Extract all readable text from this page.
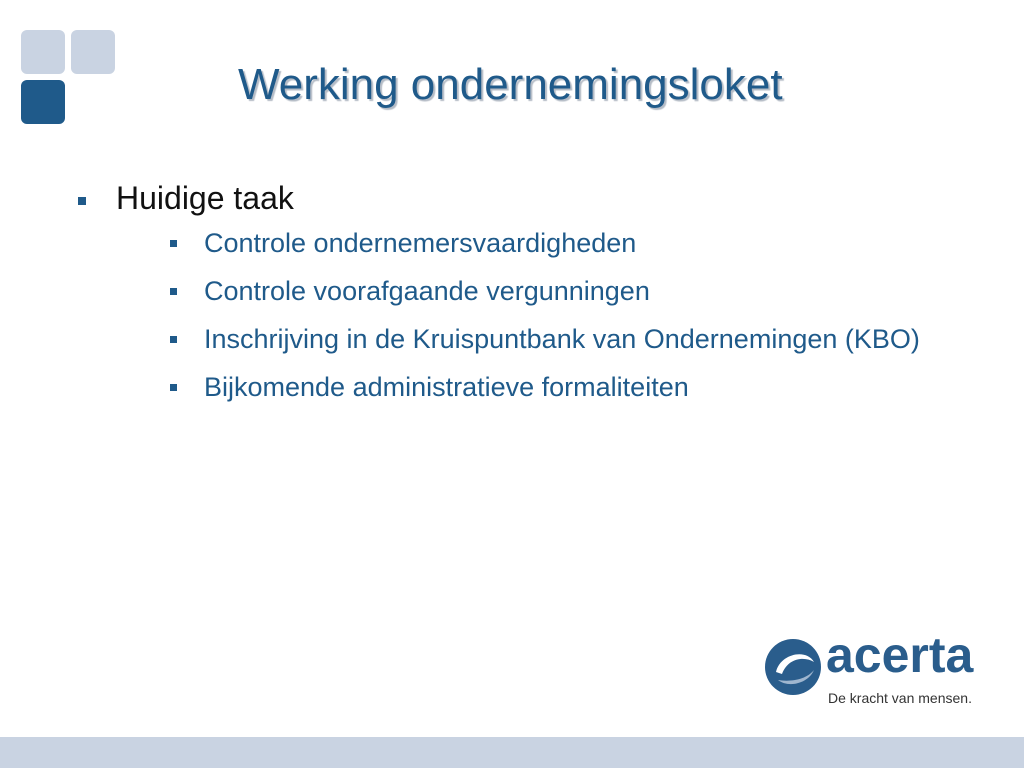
Werking ondernemingsloket
Huidige taak
Controle ondernemersvaardigheden
Controle voorafgaande vergunningen
Inschrijving in de Kruispuntbank van Ondernemingen (KBO)
Bijkomende administratieve formaliteiten
acerta
De kracht van mensen.
